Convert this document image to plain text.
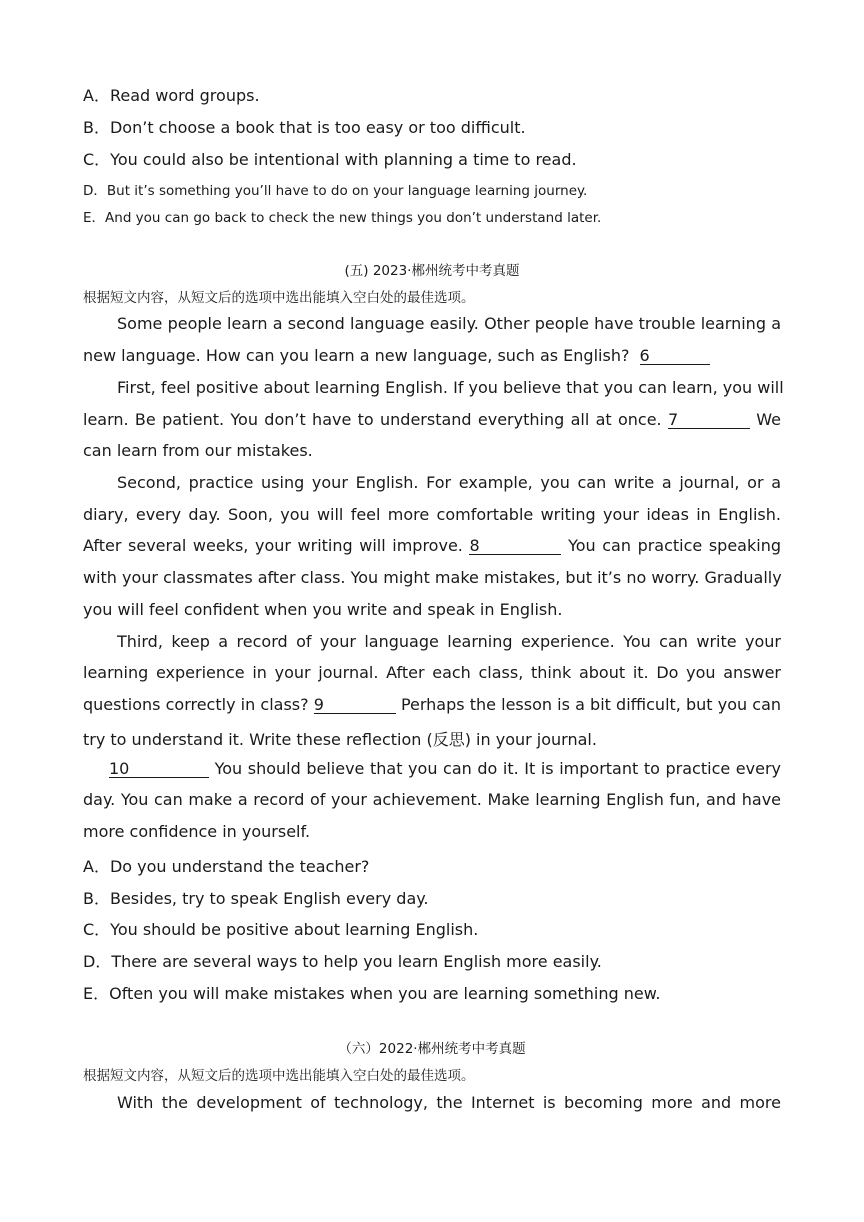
A．Read word groups.
B．Don’t choose a book that is too easy or too difficult.
C．You could also be intentional with planning a time to read.
D．But it’s something you’ll have to do on your language learning journey.
E．And you can go back to check the new things you don’t understand later.
(五) 2023·郴州统考中考真题
根据短文内容，从短文后的选项中选出能填入空白处的最佳选项。
Some people learn a second language easily. Other people have trouble learning a
new language. How can you learn a new language, such as English? 6
First, feel positive about learning English. If you believe that you can learn, you will
learn. Be patient. You don’t have to understand everything all at once. 7	We
can learn from our mistakes.
Second, practice using your English. For example, you can write a journal, or a
diary, every day. Soon, you will feel more comfortable writing your ideas in English.
After several weeks, your writing will improve. 8	You can practice speaking
with your classmates after class. You might make mistakes, but it’s no worry. Gradually
you will feel confident when you write and speak in English.
Third, keep a record of your language learning experience. You can write your
learning experience in your journal. After each class, think about it. Do you answer
questions correctly in class? 9	Perhaps the lesson is a bit difficult, but you can
try to understand it. Write these reflection (反思) in your journal.
10	You should believe that you can do it. It is important to practice every
day. You can make a record of your achievement. Make learning English fun, and have
more confidence in yourself.
A．Do you understand the teacher?
B．Besides, try to speak English every day.
C．You should be positive about learning English.
D．There are several ways to help you learn English more easily.
E．Often you will make mistakes when you are learning something new.
（六）2022·郴州统考中考真题
根据短文内容，从短文后的选项中选出能填入空白处的最佳选项。
With the development of technology, the Internet is becoming more and more
